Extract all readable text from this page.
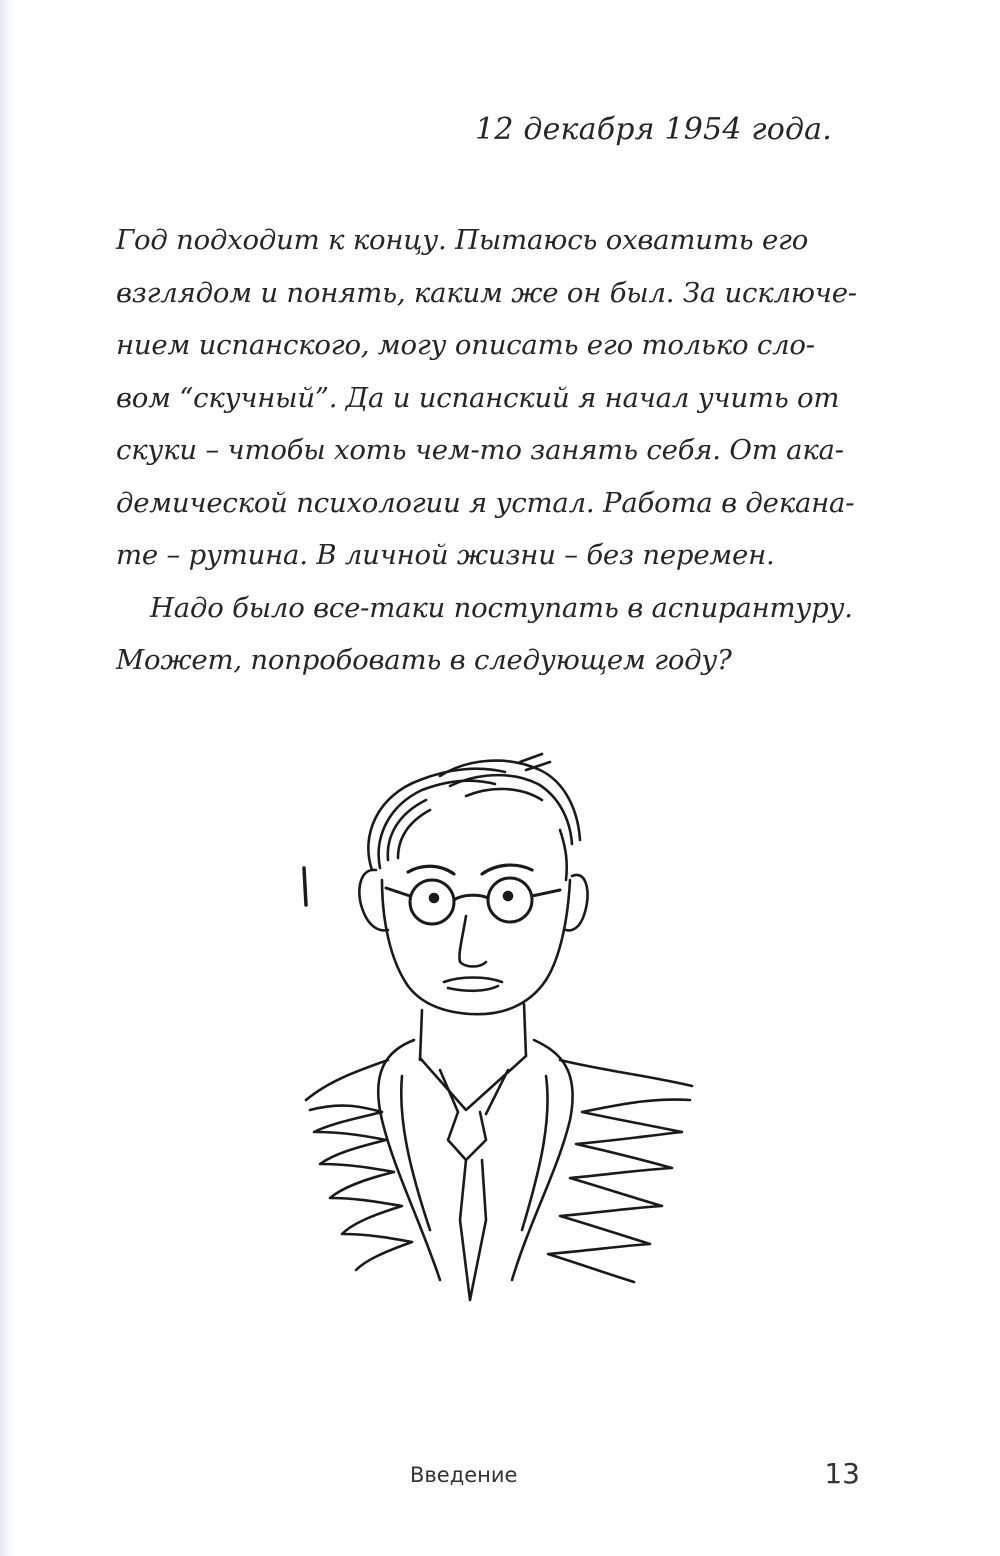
12 декабря 1954 года.
Год подходит к концу. Пытаюсь охватить его
взглядом и понять, каким же он был. За исключе-
нием испанского, могу описать его только сло-
вом “скучный”. Да и испанский я начал учить от
скуки – чтобы хоть чем-то занять себя. От ака-
демической психологии я устал. Работа в декана-
те – рутина. В личной жизни – без перемен.
Надо было все-таки поступать в аспирантуру.
Может, попробовать в следующем году?
Введение	13
